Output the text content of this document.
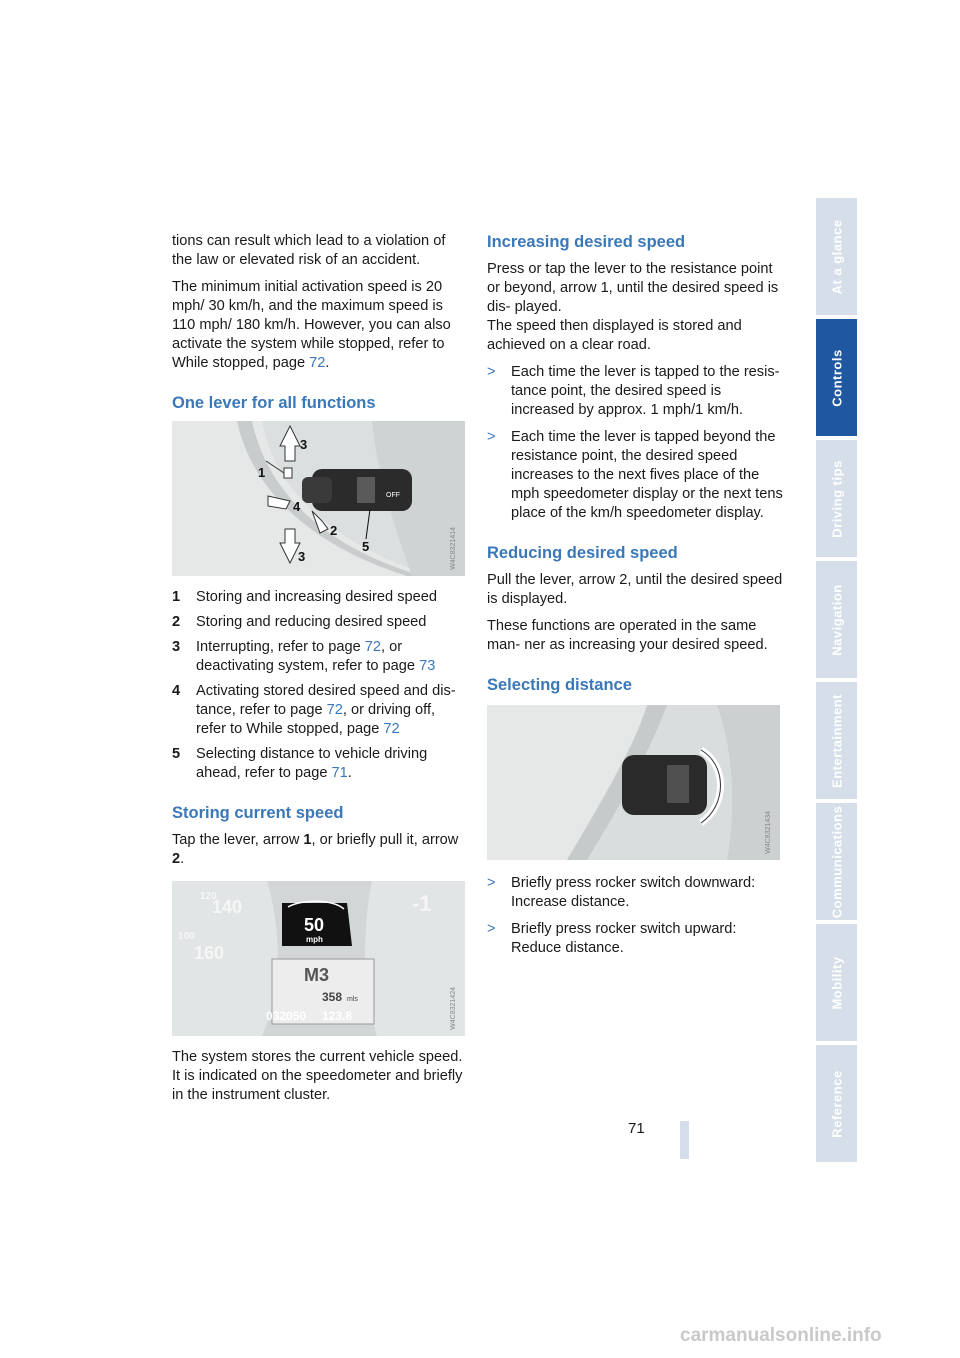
tions can result which lead to a violation of the law or elevated risk of an accident.

The minimum initial activation speed is 20 mph/ 30 km/h, and the maximum speed is 110 mph/ 180 km/h. However, you can also activate the system while stopped, refer to While stopped, page 72.

One lever for all functions
OFF
1
2
3
3
4
5	W4C8321414
1	Storing and increasing desired speed
2	Storing and reducing desired speed
3	Interrupting, refer to page 72, or deactivating system, refer to page 73
4	Activating stored desired speed and dis- tance, refer to page 72, or driving off, refer to While stopped, page 72
5	Selecting distance to vehicle driving ahead, refer to page 71.
Storing current speed

Tap the lever, arrow 1, or briefly pull it, arrow 2.

140
160
120
100
-1
50
mph
M3
358 mls
032050 123.8	W4C8321424

The system stores the current vehicle speed. It is indicated on the speedometer and briefly in the instrument cluster.

Increasing desired speed

Press or tap the lever to the resistance point or beyond, arrow 1, until the desired speed is dis- played.

The speed then displayed is stored and achieved on a clear road.

>	Each time the lever is tapped to the resis- tance point, the desired speed is increased by approx. 1 mph/1 km/h.
>	Each time the lever is tapped beyond the resistance point, the desired speed increases to the next fives place of the mph speedometer display or the next tens place of the km/h speedometer display.
Reducing desired speed

Pull the lever, arrow 2, until the desired speed is displayed.

These functions are operated in the same man- ner as increasing your desired speed.

Selecting distance
W4C8321434
>	Briefly press rocker switch downward: Increase distance.
>	Briefly press rocker switch upward: Reduce distance.
At a glance
Controls
Driving tips
Navigation
Entertainment
Communications
Mobility
Reference
71
carmanualsonline.info
